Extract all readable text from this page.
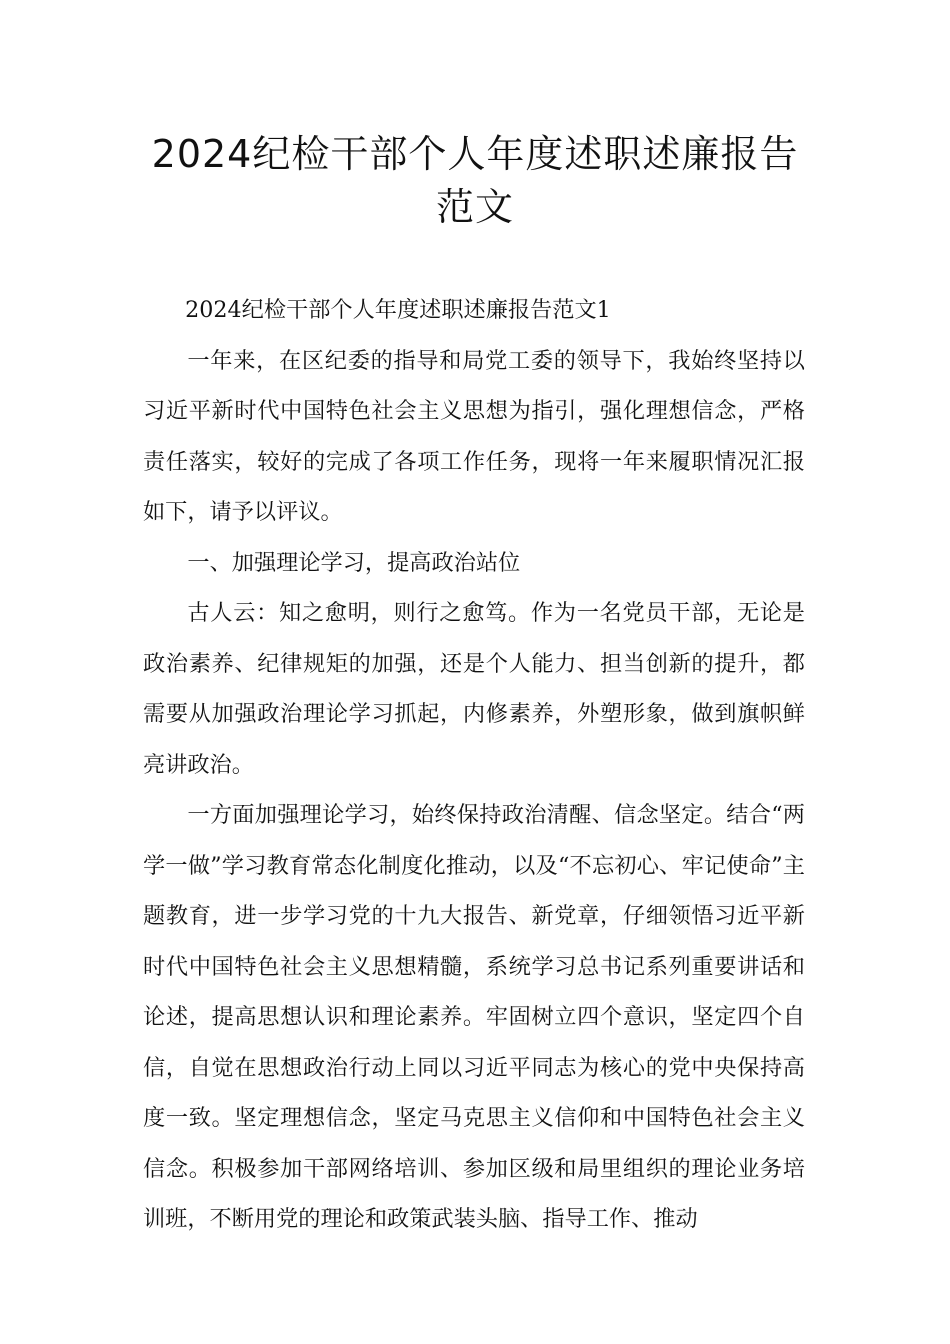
2024纪检干部个人年度述职述廉报告范文

2024纪检干部个人年度述职述廉报告范文1

一年来，在区纪委的指导和局党工委的领导下，我始终坚持以习近平新时代中国特色社会主义思想为指引，强化理想信念，严格责任落实，较好的完成了各项工作任务，现将一年来履职情况汇报如下，请予以评议。

一、加强理论学习，提高政治站位

古人云：知之愈明，则行之愈笃。作为一名党员干部，无论是政治素养、纪律规矩的加强，还是个人能力、担当创新的提升，都需要从加强政治理论学习抓起，内修素养，外塑形象，做到旗帜鲜亮讲政治。

一方面加强理论学习，始终保持政治清醒、信念坚定。结合“两学一做”学习教育常态化制度化推动，以及“不忘初心、牢记使命”主题教育，进一步学习党的十九大报告、新党章，仔细领悟习近平新时代中国特色社会主义思想精髓，系统学习总书记系列重要讲话和论述，提高思想认识和理论素养。牢固树立四个意识，坚定四个自信，自觉在思想政治行动上同以习近平同志为核心的党中央保持高度一致。坚定理想信念，坚定马克思主义信仰和中国特色社会主义信念。积极参加干部网络培训、参加区级和局里组织的理论业务培训班，不断用党的理论和政策武装头脑、指导工作、推动
